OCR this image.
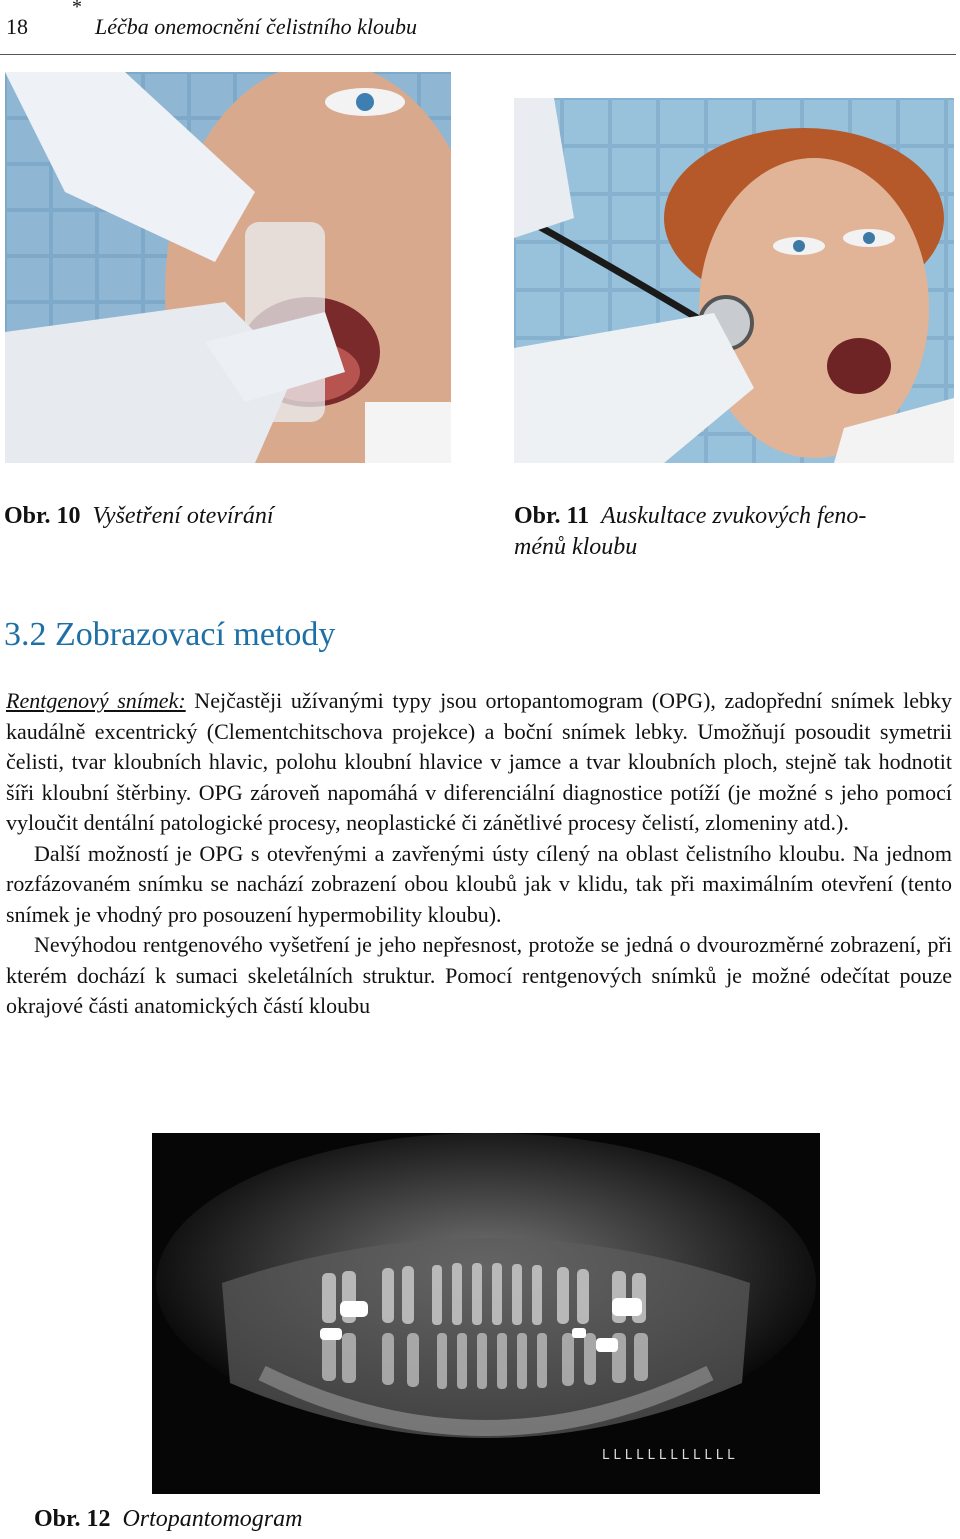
18
*
Léčba onemocnění čelistního kloubu
Obr. 10 Vyšetření otevírání	Obr. 11 Auskultace zvukových feno-
ménů kloubu
3.2 Zobrazovací metody

Rentgenový snímek: Nejčastěji užívanými typy jsou ortopantomogram (OPG), zadopřední snímek lebky kaudálně excentrický (Clementchitschova projekce) a boční snímek lebky. Umožňují posoudit symetrii čelisti, tvar kloubních hlavic, polohu kloubní hlavice v jamce a tvar kloubních ploch, stejně tak hodnotit šíři kloubní štěrbiny. OPG zároveň napomáhá v diferenciální diagnostice potíží (je možné s jeho pomocí vyloučit dentální patologické procesy, neoplastické či zánětlivé procesy čelistí, zlomeniny atd.).

Další možností je OPG s otevřenými a zavřenými ústy cílený na oblast čelistního kloubu. Na jednom rozfázovaném snímku se nachází zobrazení obou kloubů jak v klidu, tak při maximálním otevření (tento snímek je vhodný pro posouzení hypermobility kloubu).

Nevýhodou rentgenového vyšetření je jeho nepřesnost, protože se jedná o dvourozměrné zobrazení, při kterém dochází k sumaci skeletálních struktur. Pomocí rentgenových snímků je možné odečítat pouze okrajové části anatomických částí kloubu

L L L L L L L L L L L L
Obr. 12 Ortopantomogram
